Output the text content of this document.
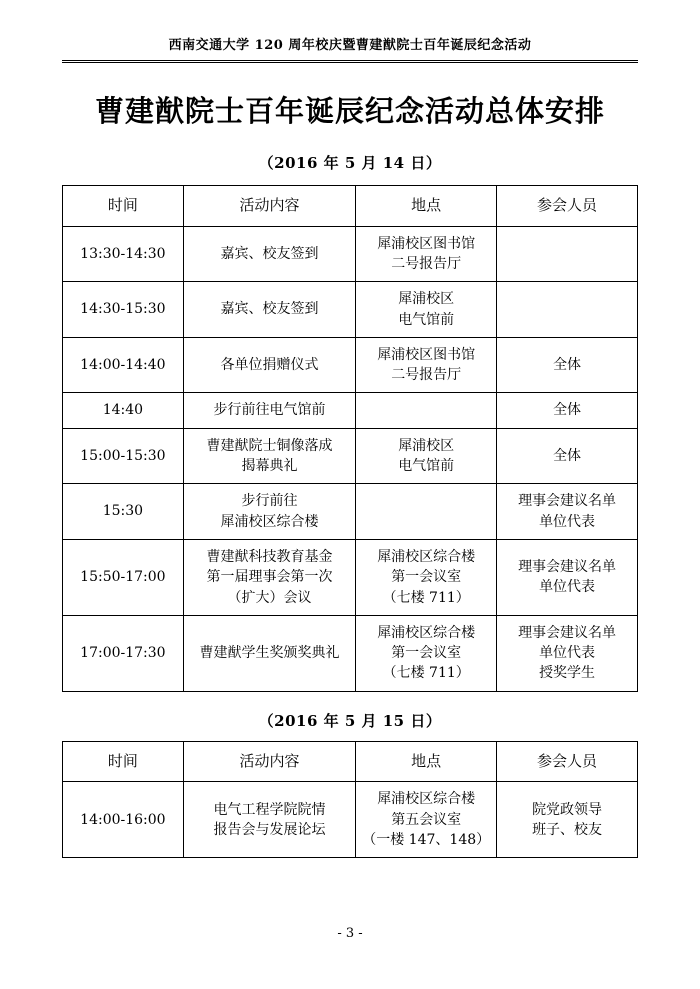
西南交通大学 120 周年校庆暨曹建猷院士百年诞辰纪念活动
曹建猷院士百年诞辰纪念活动总体安排
（2016 年 5 月 14 日）
时间	活动内容	地点	参会人员

13:30-14:30	嘉宾、校友签到	犀浦校区图书馆
二号报告厅	

14:30-15:30	嘉宾、校友签到	犀浦校区
电气馆前	

14:00-14:40	各单位捐赠仪式	犀浦校区图书馆
二号报告厅	全体

14:40	步行前往电气馆前		全体

15:00-15:30	曹建猷院士铜像落成
揭幕典礼	犀浦校区
电气馆前	全体

15:30	步行前往
犀浦校区综合楼		理事会建议名单
单位代表

15:50-17:00	曹建猷科技教育基金
第一届理事会第一次
（扩大）会议	犀浦校区综合楼
第一会议室
（七楼 711）	理事会建议名单
单位代表

17:00-17:30	曹建猷学生奖颁奖典礼	犀浦校区综合楼
第一会议室
（七楼 711）	理事会建议名单
单位代表
授奖学生
（2016 年 5 月 15 日）
时间	活动内容	地点	参会人员

14:00-16:00	电气工程学院院情
报告会与发展论坛	犀浦校区综合楼
第五会议室
（一楼 147、148）	院党政领导
班子、校友
- 3 -
